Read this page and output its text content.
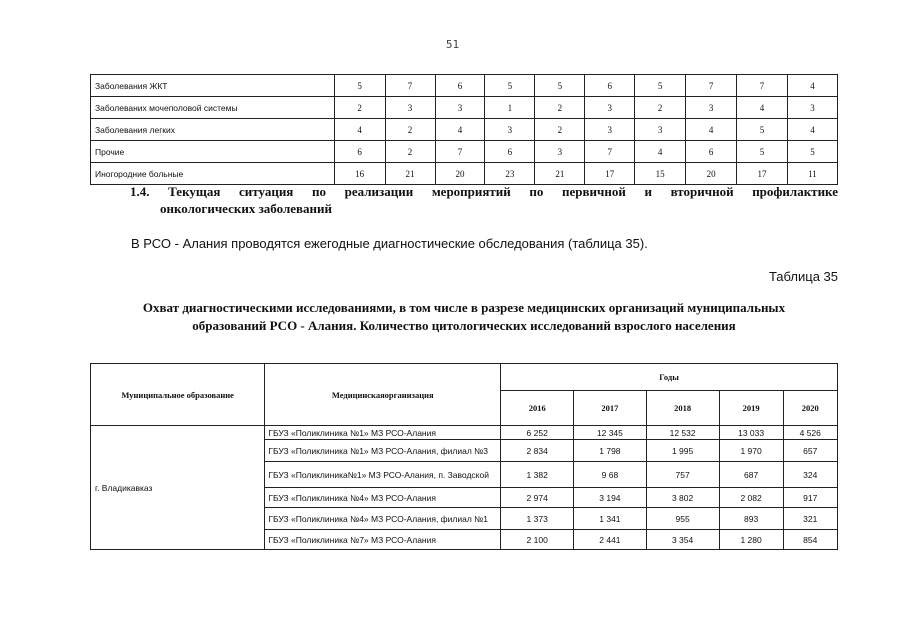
51
Заболевания ЖКТ	5	7	6	5	5	6	5	7	7	4
Заболеваниx мочеполовой системы	2	3	3	1	2	3	2	3	4	3
Заболевания легких	4	2	4	3	2	3	3	4	5	4
Прочие	6	2	7	6	3	7	4	6	5	5
Иногородние больные	16	21	20	23	21	17	15	20	17	11
1.4. Текущая ситуация по реализации мероприятий по первичной и вторичной профилактике
онкологических заболеваний
В РСО - Алания проводятся ежегодные диагностические обследования (таблица 35).
Таблица 35
Охват диагностическими исследованиями, в том числе в разрезе медицинских организаций муниципальных
образований РСО - Алания. Количество цитологических исследований взрослого населения
Муниципальное образование	Медицинскаяорганизация	Годы				
		2016	2017	2018	2019	2020
г. Владикавказ	ГБУЗ «Поликлиника №1» МЗ РСО-Алания	6 252	12 345	12 532	13 033	4 526
	ГБУЗ «Поликлиника №1» МЗ РСО-Алания, филиал №3	2 834	1 798	1 995	1 970	657
	ГБУЗ «Поликлиника№1» МЗ РСО-Алания, п. Заводской	1 382	9 68	757	687	324
	ГБУЗ «Поликлиника №4» МЗ РСО-Алания	2 974	3 194	3 802	2 082	917
	ГБУЗ «Поликлиника №4» МЗ РСО-Алания, филиал №1	1 373	1 341	955	893	321
	ГБУЗ «Поликлиника №7» МЗ РСО-Алания	2 100	2 441	3 354	1 280	854
